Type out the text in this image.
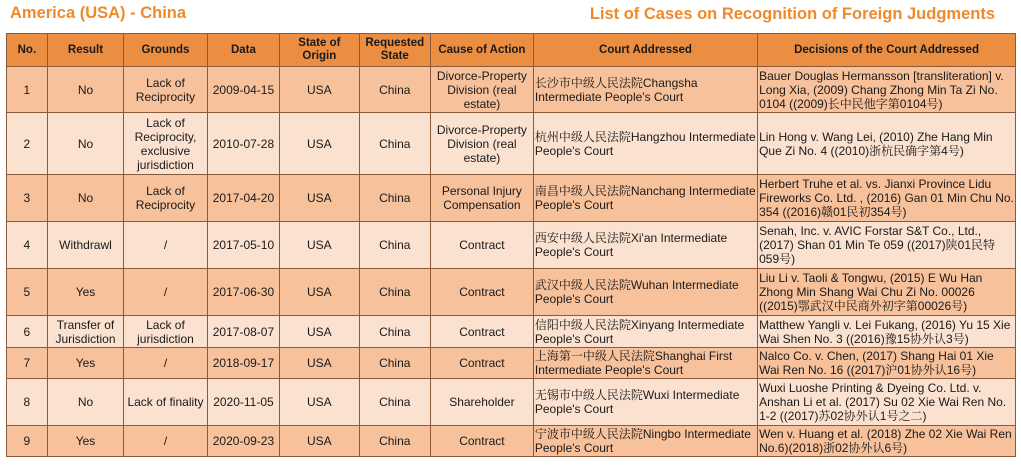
America (USA) - China	List of Cases on Recognition of Foreign Judgments
No.	Result	Grounds	Data	State of Origin	Requested State	Cause of Action	Court Addressed	Decisions of the Court Addressed
1	No	Lack of Reciprocity	2009-04-15	USA	China	Divorce-Property Division (real estate)	长沙市中级人民法院Changsha Intermediate People's Court	Bauer Douglas Hermansson [transliteration] v. Long Xia, (2009) Chang Zhong Min Ta Zi No. 0104 ((2009)长中民他字第0104号)
2	No	Lack of Reciprocity, exclusive jurisdiction	2010-07-28	USA	China	Divorce-Property Division (real estate)	杭州中级人民法院Hangzhou Intermediate People's Court	Lin Hong v. Wang Lei, (2010) Zhe Hang Min Que Zi No. 4 ((2010)浙杭民确字第4号)
3	No	Lack of Reciprocity	2017-04-20	USA	China	Personal Injury Compensation	南昌中级人民法院Nanchang Intermediate People's Court	Herbert Truhe et al. vs. Jianxi Province Lidu Fireworks Co. Ltd. , (2016) Gan 01 Min Chu No. 354 ((2016)赣01民初354号)
4	Withdrawl	/	2017-05-10	USA	China	Contract	西安中级人民法院Xi'an Intermediate People's Court	Senah, Inc. v. AVIC Forstar S&T Co., Ltd., (2017) Shan 01 Min Te 059 ((2017)陕01民特059号)
5	Yes	/	2017-06-30	USA	China	Contract	武汉中级人民法院Wuhan Intermediate People's Court	Liu Li v. Taoli & Tongwu, (2015) E Wu Han Zhong Min Shang Wai Chu Zi No. 00026 ((2015)鄂武汉中民商外初字第00026号)
6	Transfer of Jurisdiction	Lack of jurisdiction	2017-08-07	USA	China	Contract	信阳中级人民法院Xinyang Intermediate People's Court	Matthew Yangli v. Lei Fukang, (2016) Yu 15 Xie Wai Shen No. 3 ((2016)豫15协外认3号)
7	Yes	/	2018-09-17	USA	China	Contract	上海第一中级人民法院Shanghai First Intermediate People's Court	Nalco Co. v. Chen, (2017) Shang Hai 01 Xie Wai Ren No. 16 ((2017)沪01协外认16号)
8	No	Lack of finality	2020-11-05	USA	China	Shareholder	无锡市中级人民法院Wuxi Intermediate People's Court	Wuxi Luoshe Printing & Dyeing Co. Ltd. v. Anshan Li et al. (2017) Su 02 Xie Wai Ren No. 1-2 ((2017)苏02协外认1号之二)
9	Yes	/	2020-09-23	USA	China	Contract	宁波市中级人民法院Ningbo Intermediate People's Court	Wen v. Huang et al. (2018) Zhe 02 Xie Wai Ren No.6)(2018)浙02协外认6号)
